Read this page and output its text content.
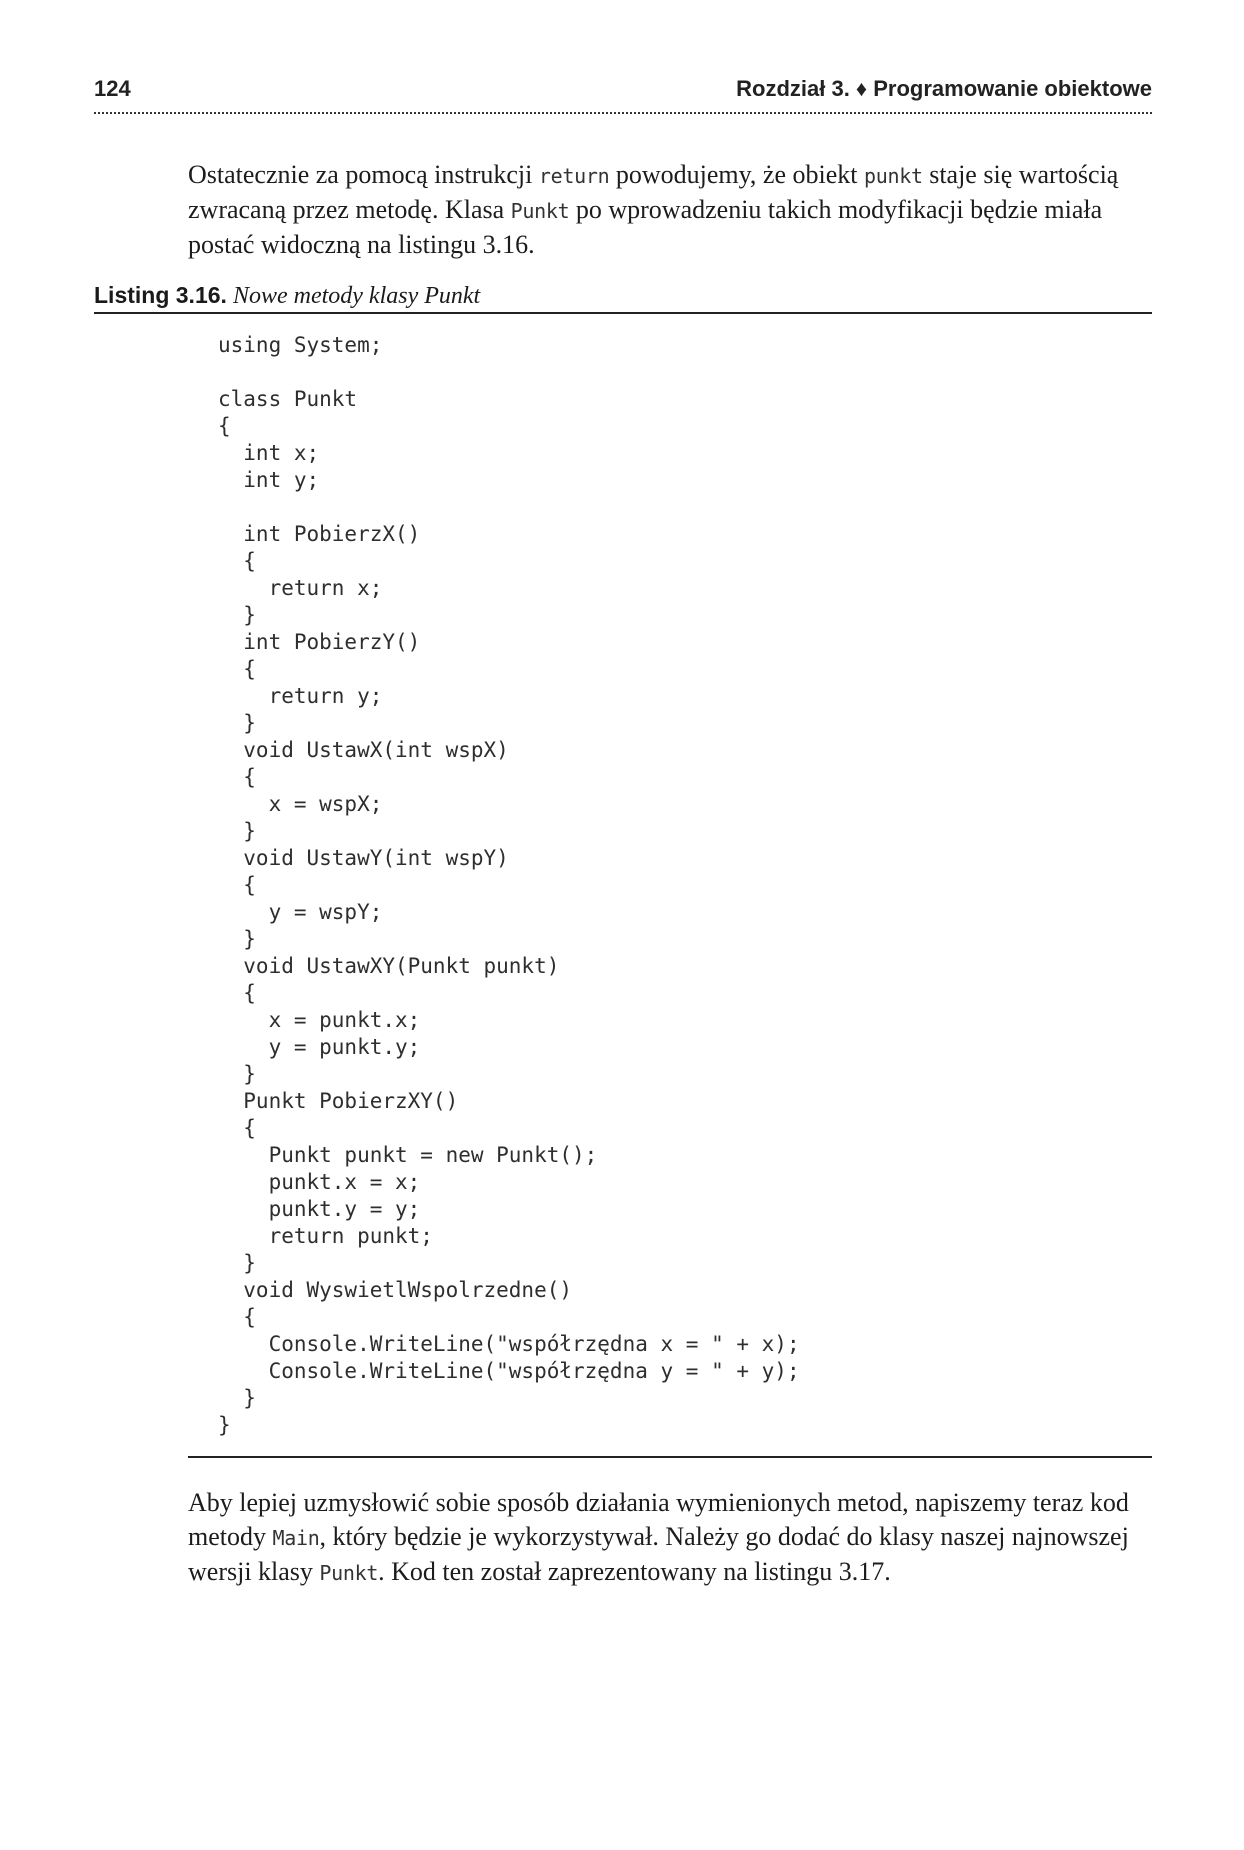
124	Rozdział 3. ♦ Programowanie obiektowe
Ostatecznie za pomocą instrukcji return powodujemy, że obiekt punkt staje się wartością
zwracaną przez metodę. Klasa Punkt po wprowadzeniu takich modyfikacji będzie miała
postać widoczną na listingu 3.16.
Listing 3.16. Nowe metody klasy Punkt
using System;
class Punkt
{
int x;
int y;
int PobierzX()
{
return x;
}
int PobierzY()
{
return y;
}
void UstawX(int wspX)
{
x = wspX;
}
void UstawY(int wspY)
{
y = wspY;
}
void UstawXY(Punkt punkt)
{
x = punkt.x;
y = punkt.y;
}
Punkt PobierzXY()
{
Punkt punkt = new Punkt();
punkt.x = x;
punkt.y = y;
return punkt;
}
void WyswietlWspolrzedne()
{
Console.WriteLine("współrzędna x = " + x);
Console.WriteLine("współrzędna y = " + y);
}
}
Aby lepiej uzmysłowić sobie sposób działania wymienionych metod, napiszemy teraz kod
metody Main, który będzie je wykorzystywał. Należy go dodać do klasy naszej najnowszej
wersji klasy Punkt. Kod ten został zaprezentowany na listingu 3.17.
